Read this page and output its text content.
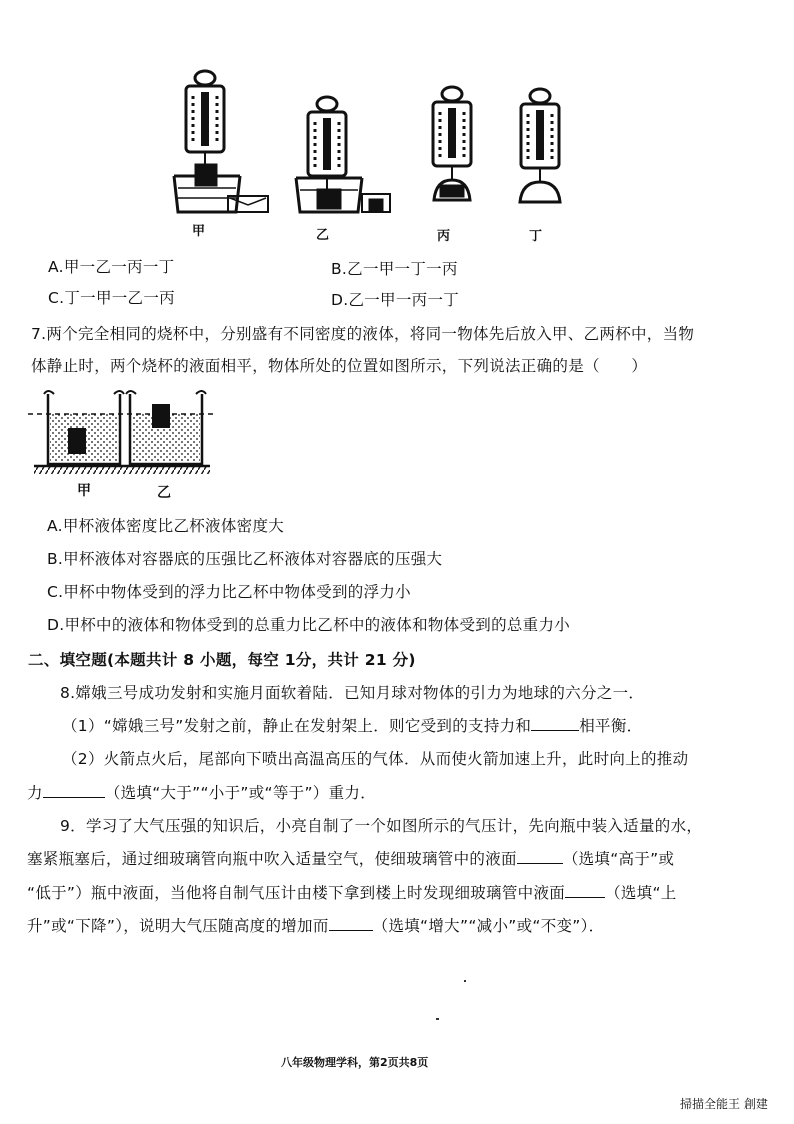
甲	乙	丙	丁
A.甲一乙一丙一丁	B.乙一甲一丁一丙
C.丁一甲一乙一丙	D.乙一甲一丙一丁
7.两个完全相同的烧杯中，分别盛有不同密度的液体，将同一物体先后放入甲、乙两杯中，当物
体静止时，两个烧杯的液面相平，物体所处的位置如图所示，下列说法正确的是（　　）
甲	乙
A.甲杯液体密度比乙杯液体密度大
B.甲杯液体对容器底的压强比乙杯液体对容器底的压强大
C.甲杯中物体受到的浮力比乙杯中物体受到的浮力小
D.甲杯中的液体和物体受到的总重力比乙杯中的液体和物体受到的总重力小
二、填空题(本题共计 8 小题，每空 1分，共计 21 分)
8.嫦娥三号成功发射和实施月面软着陆．已知月球对物体的引力为地球的六分之一．
（1）“嫦娥三号”发射之前，静止在发射架上．则它受到的支持力和	相平衡．
（2）火箭点火后，尾部向下喷出高温高压的气体．从而使火箭加速上升，此时向上的推动
力	（选填“大于”“小于”或“等于”）重力．
9．学习了大气压强的知识后，小亮自制了一个如图所示的气压计，先向瓶中装入适量的水，
塞紧瓶塞后，通过细玻璃管向瓶中吹入适量空气，使细玻璃管中的液面	（选填“高于”或
“低于”）瓶中液面，当他将自制气压计由楼下拿到楼上时发现细玻璃管中液面	（选填“上
升”或“下降”），说明大气压随高度的增加而	（选填“增大”“减小”或“不变”）．
八年级物理学科，第2页共8页
掃描全能王 創建
